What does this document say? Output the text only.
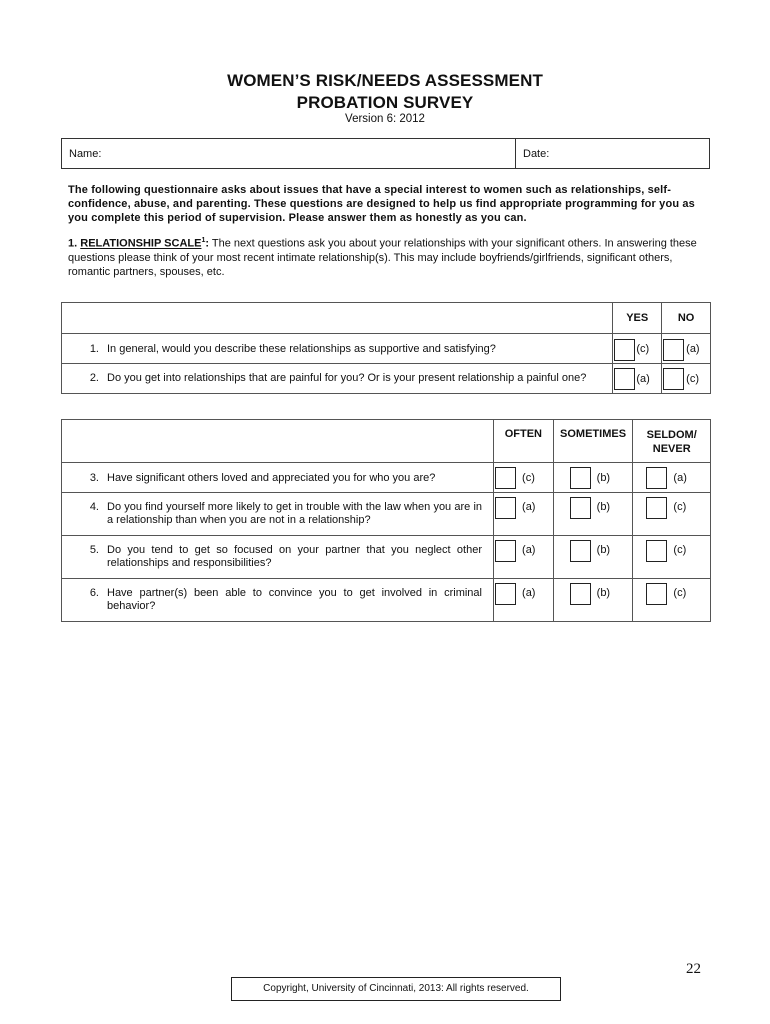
WOMEN’S RISK/NEEDS ASSESSMENT
PROBATION SURVEY
Version 6: 2012
Name:	Date:
The following questionnaire asks about issues that have a special interest to women such as relationships, self-confidence, abuse, and parenting. These questions are designed to help us find appropriate programming for you as you complete this period of supervision. Please answer them as honestly as you can.
1. RELATIONSHIP SCALE$^1$: The next questions ask you about your relationships with your significant others. In answering these questions please think of your most recent intimate relationship(s). This may include boyfriends/girlfriends, significant others, romantic partners, spouses, etc.
	YES	NO
1. In general, would you describe these relationships as supportive and satisfying?	(c)	(a)

2. Do you get into relationships that are painful for you? Or is your present relationship a painful one?	(a)	(c)
	OFTEN	SOMETIMES	SELDOM/
NEVER
3. Have significant others loved and appreciated you for who you are?	(c)	(b)	(a)

4. Do you find yourself more likely to get in trouble with the law when you are in a relationship than when you are not in a relationship?	(a)	(b)	(c)

5. Do you tend to get so focused on your partner that you neglect other relationships and responsibilities?	(a)	(b)	(c)

6. Have partner(s) been able to convince you to get involved in criminal behavior?	(a)	(b)	(c)
22
Copyright, University of Cincinnati, 2013: All rights reserved.
